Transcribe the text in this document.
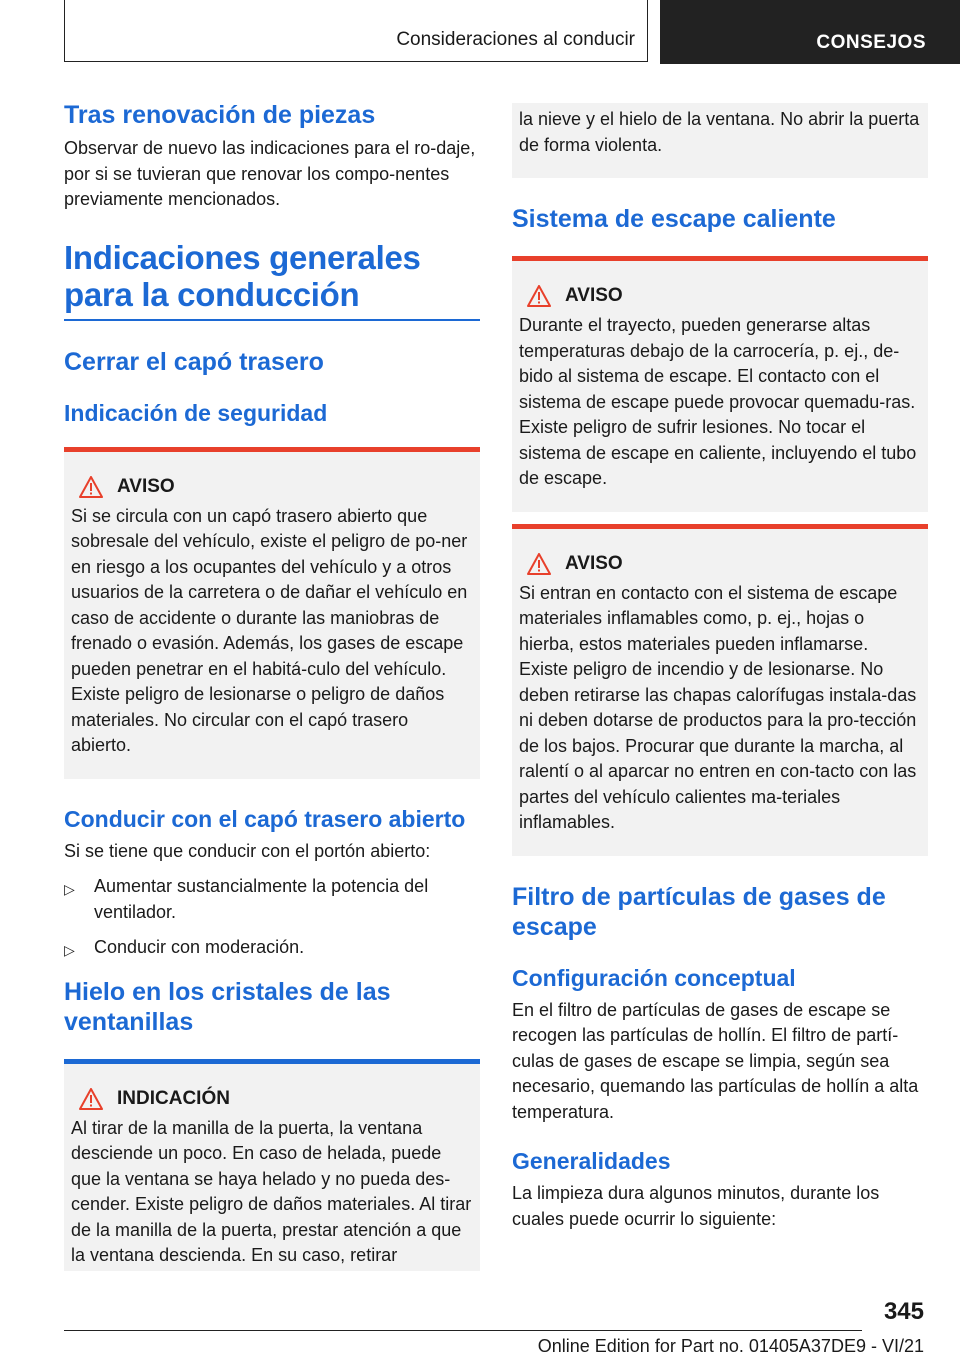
Consideraciones al conducir	CONSEJOS
Tras renovación de piezas

Observar de nuevo las indicaciones para el ro‐daje, por si se tuvieran que renovar los compo‐nentes previamente mencionados.

Indicaciones generales para la conducción
Cerrar el capó trasero
Indicación de seguridad
AVISO

Si se circula con un capó trasero abierto que sobresale del vehículo, existe el peligro de po‐ner en riesgo a los ocupantes del vehículo y a otros usuarios de la carretera o de dañar el vehículo en caso de accidente o durante las maniobras de frenado o evasión. Además, los gases de escape pueden penetrar en el habitá‐culo del vehículo. Existe peligro de lesionarse o peligro de daños materiales. No circular con el capó trasero abierto.

Conducir con el capó trasero abierto

Si se tiene que conducir con el portón abierto:

▷ Aumentar sustancialmente la potencia del ventilador.
▷ Conducir con moderación.
Hielo en los cristales de las ventanillas
INDICACIÓN

Al tirar de la manilla de la puerta, la ventana desciende un poco. En caso de helada, puede que la ventana se haya helado y no pueda des‐cender. Existe peligro de daños materiales. Al tirar de la manilla de la puerta, prestar atención a que la ventana descienda. En su caso, retirar

la nieve y el hielo de la ventana. No abrir la puerta de forma violenta.

Sistema de escape caliente
AVISO

Durante el trayecto, pueden generarse altas temperaturas debajo de la carrocería, p. ej., de‐bido al sistema de escape. El contacto con el sistema de escape puede provocar quemadu‐ras. Existe peligro de sufrir lesiones. No tocar el sistema de escape en caliente, incluyendo el tubo de escape.

AVISO

Si entran en contacto con el sistema de escape materiales inflamables como, p. ej., hojas o hierba, estos materiales pueden inflamarse. Existe peligro de incendio y de lesionarse. No deben retirarse las chapas calorífugas instala‐das ni deben dotarse de productos para la pro‐tección de los bajos. Procurar que durante la marcha, al ralentí o al aparcar no entren en con‐tacto con las partes del vehículo calientes ma‐teriales inflamables.

Filtro de partículas de gases de escape
Configuración conceptual

En el filtro de partículas de gases de escape se recogen las partículas de hollín. El filtro de partí‐culas de gases de escape se limpia, según sea necesario, quemando las partículas de hollín a alta temperatura.

Generalidades

La limpieza dura algunos minutos, durante los cuales puede ocurrir lo siguiente:

345
Online Edition for Part no. 01405A37DE9 - VI/21
